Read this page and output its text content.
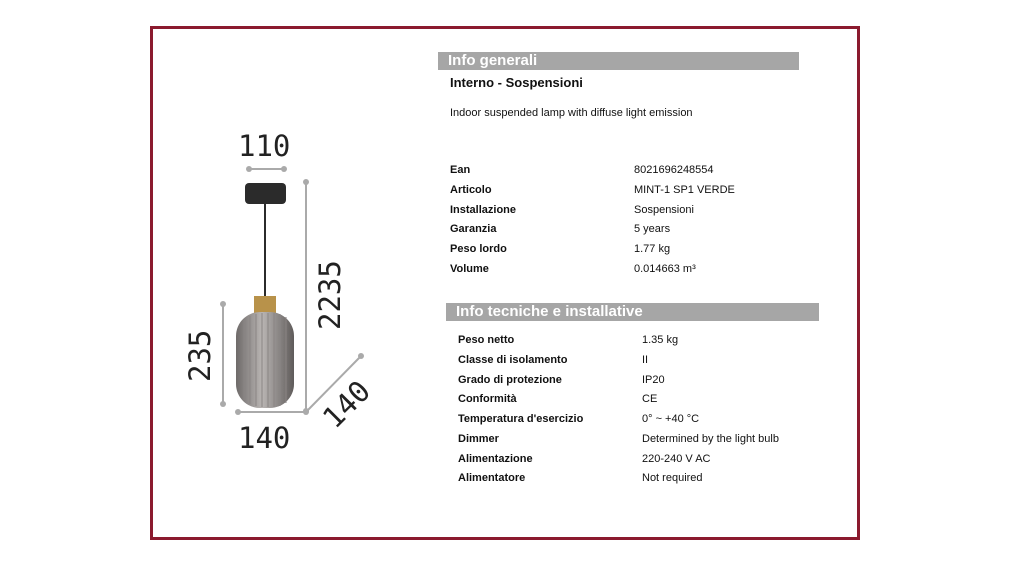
110
2235
235
140
140
Info generali
Interno - Sospensioni
Indoor suspended lamp with diffuse light emission
Ean	8021696248554
Articolo	MINT-1 SP1 VERDE
Installazione	Sospensioni
Garanzia	5 years
Peso lordo	1.77 kg
Volume	0.014663 m³
Info tecniche e installative
Peso netto	1.35 kg
Classe di isolamento	II
Grado di protezione	IP20
Conformità	CE
Temperatura d'esercizio	0° ~ +40 °C
Dimmer	Determined by the light bulb
Alimentazione	220-240 V AC
Alimentatore	Not required
